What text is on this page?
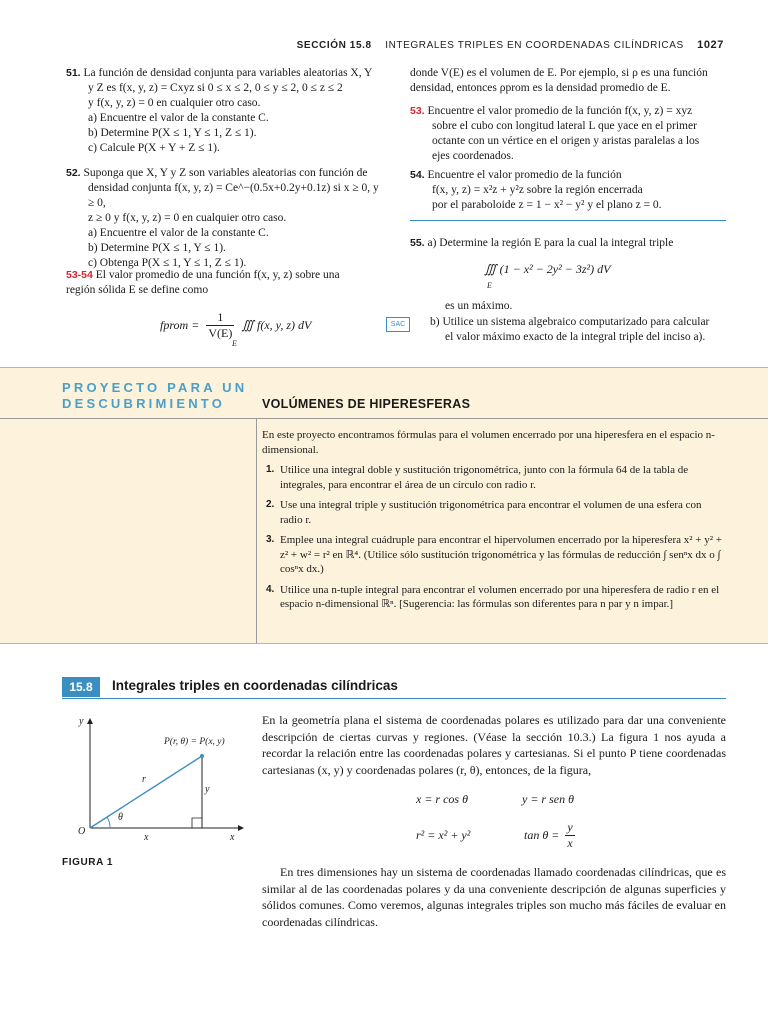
SECCIÓN 15.8 INTEGRALES TRIPLES EN COORDENADAS CILÍNDRICAS 1027

51. La función de densidad conjunta para variables aleatorias X, Y

y Z es f(x, y, z) = Cxyz si 0 ≤ x ≤ 2, 0 ≤ y ≤ 2, 0 ≤ z ≤ 2

y f(x, y, z) = 0 en cualquier otro caso.

a) Encuentre el valor de la constante C.

b) Determine P(X ≤ 1, Y ≤ 1, Z ≤ 1).

c) Calcule P(X + Y + Z ≤ 1).

52. Suponga que X, Y y Z son variables aleatorias con función de

densidad conjunta f(x, y, z) = Ce^−(0.5x+0.2y+0.1z) si x ≥ 0, y ≥ 0,

z ≥ 0 y f(x, y, z) = 0 en cualquier otro caso.

a) Encuentre el valor de la constante C.

b) Determine P(X ≤ 1, Y ≤ 1).

c) Obtenga P(X ≤ 1, Y ≤ 1, Z ≤ 1).

53-54 El valor promedio de una función f(x, y, z) sobre una

región sólida E se define como

fprom = $\frac{1}{V(E)}$ ∭ f(x, y, z) dV
E

donde V(E) es el volumen de E. Por ejemplo, si ρ es una función

densidad, entonces ρprom es la densidad promedio de E.

53. Encuentre el valor promedio de la función f(x, y, z) = xyz

sobre el cubo con longitud lateral L que yace en el primer

octante con un vértice en el origen y aristas paralelas a los

ejes coordenados.

54. Encuentre el valor promedio de la función

f(x, y, z) = x²z + y²z sobre la región encerrada

por el paraboloide z = 1 − x² − y² y el plano z = 0.

55. a) Determine la región E para la cual la integral triple

∭ (1 − x² − 2y² − 3z²) dV
E
es un máximo.
SAC	b) Utilice un sistema algebraico computarizado para calcular
el valor máximo exacto de la integral triple del inciso a).
PROYECTO PARA UN
DESCUBRIMIENTO	VOLÚMENES DE HIPERESFERAS

En este proyecto encontramos fórmulas para el volumen encerrado por una hiperesfera en el espacio n-dimensional.

1. Utilice una integral doble y sustitución trigonométrica, junto con la fórmula 64 de la tabla de integrales, para encontrar el área de un círculo con radio r.
2. Use una integral triple y sustitución trigonométrica para encontrar el volumen de una esfera con radio r.
3. Emplee una integral cuádruple para encontrar el hipervolumen encerrado por la hiperesfera x² + y² + z² + w² = r² en ℝ⁴. (Utilice sólo sustitución trigonométrica y las fórmulas de reducción ∫ senⁿx dx o ∫ cosⁿx dx.)
4. Utilice una n-tuple integral para encontrar el volumen encerrado por una hiperesfera de radio r en el espacio n-dimensional ℝⁿ. [Sugerencia: las fórmulas son diferentes para n par y n impar.]
15.8	Integrales triples en coordenadas cilíndricas
En la geometría plana el sistema de coordenadas polares es utilizado para dar una conveniente descripción de ciertas curvas y regiones. (Véase la sección 10.3.) La figura 1 nos ayuda a recordar la relación entre las coordenadas polares y cartesianas. Si el punto P tiene coordenadas cartesianas (x, y) y coordenadas polares (r, θ), entonces, de la figura,
x = r cos θ	y = r sen θ
r² = x² + y²	$\tan \theta = \frac{y}{x}$
En tres dimensiones hay un sistema de coordenadas llamado coordenadas cilíndricas, que es similar al de las coordenadas polares y da una conveniente descripción de algunas superficies y sólidos comunes. Como veremos, algunas integrales triples son mucho más fáciles de evaluar en coordenadas cilíndricas.
P(r, θ) = P(x, y)
y
x
O
r
θ
y
x
FIGURA 1
